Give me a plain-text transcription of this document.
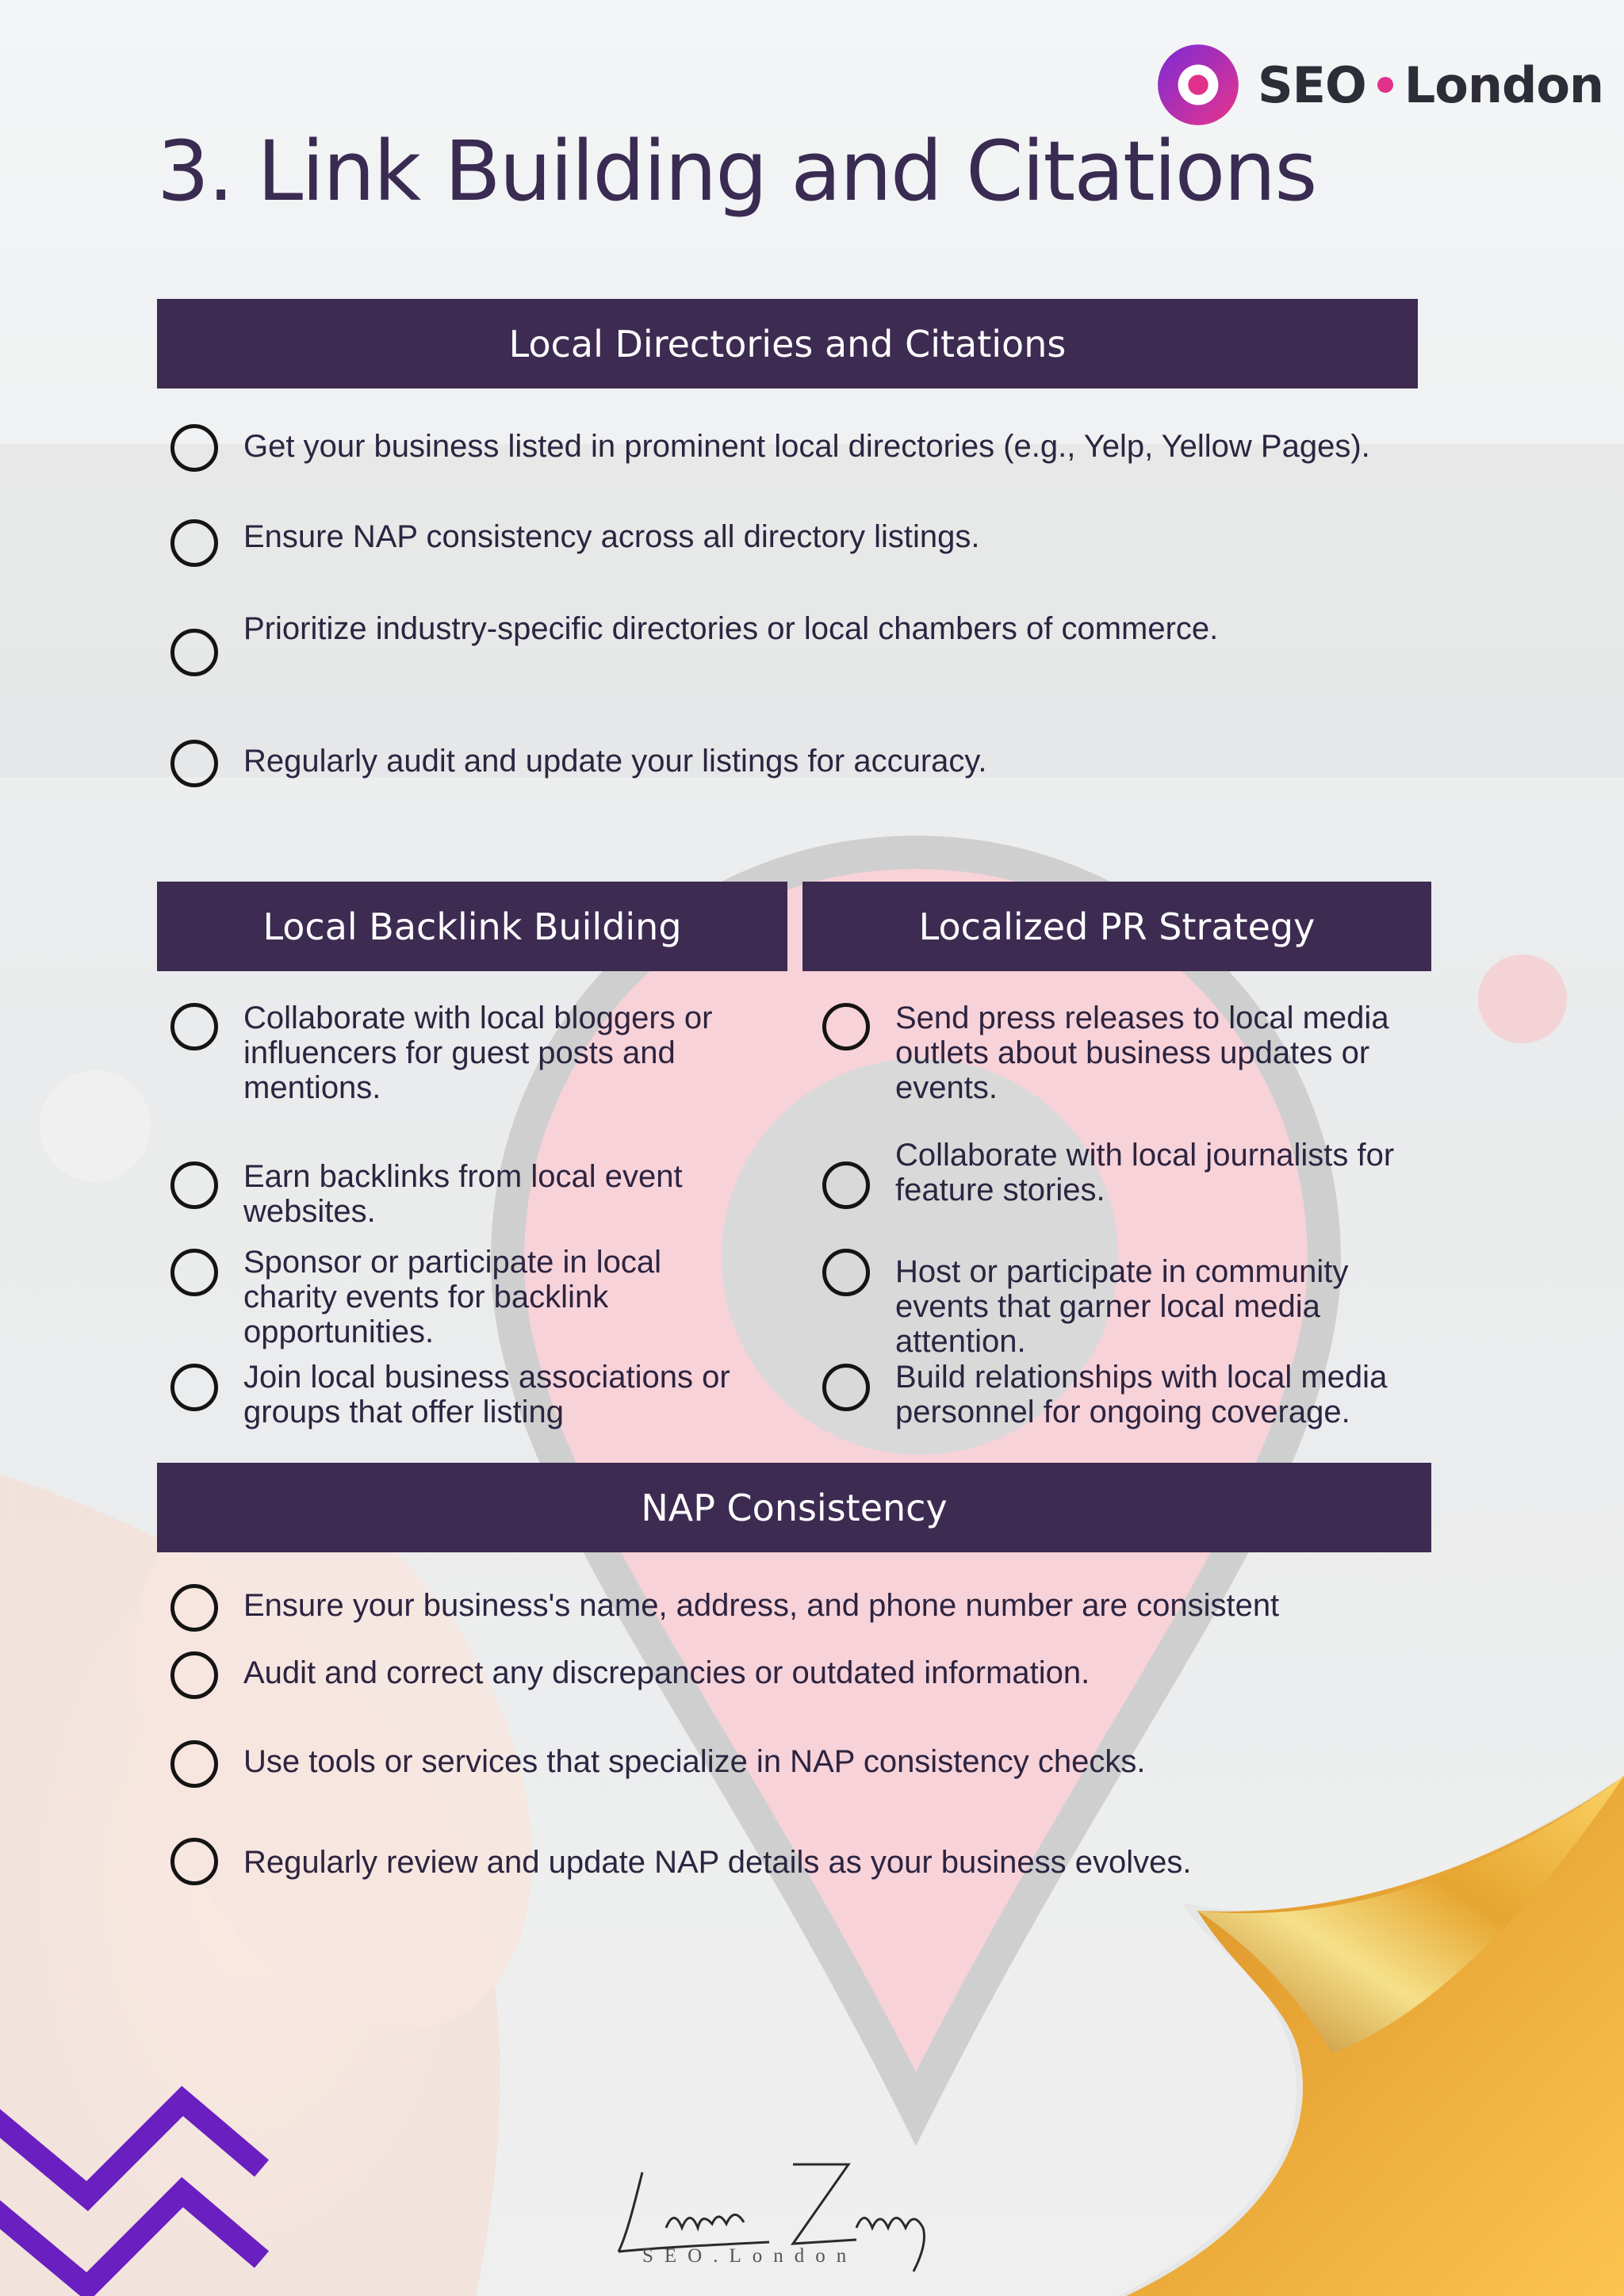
SEO London
3. Link Building and Citations
Local Directories and Citations
Get your business listed in prominent local directories (e.g., Yelp, Yellow Pages).
Ensure NAP consistency across all directory listings.
Prioritize industry-specific directories or local chambers of commerce.
Regularly audit and update your listings for accuracy.
Local Backlink Building
Collaborate with local bloggers or
influencers for guest posts and
mentions.
Earn backlinks from local event
websites.
Sponsor or participate in local
charity events for backlink
opportunities.
Join local business associations or
groups that offer listing
Localized PR Strategy
Send press releases to local media
outlets about business updates or
events.
Collaborate with local journalists for
feature stories.
Host or participate in community
events that garner local media
attention.
Build relationships with local media
personnel for ongoing coverage.
NAP Consistency
Ensure your business's name, address, and phone number are consistent
Audit and correct any discrepancies or outdated information.
Use tools or services that specialize in NAP consistency checks.
Regularly review and update NAP details as your business evolves.
SEO.London
